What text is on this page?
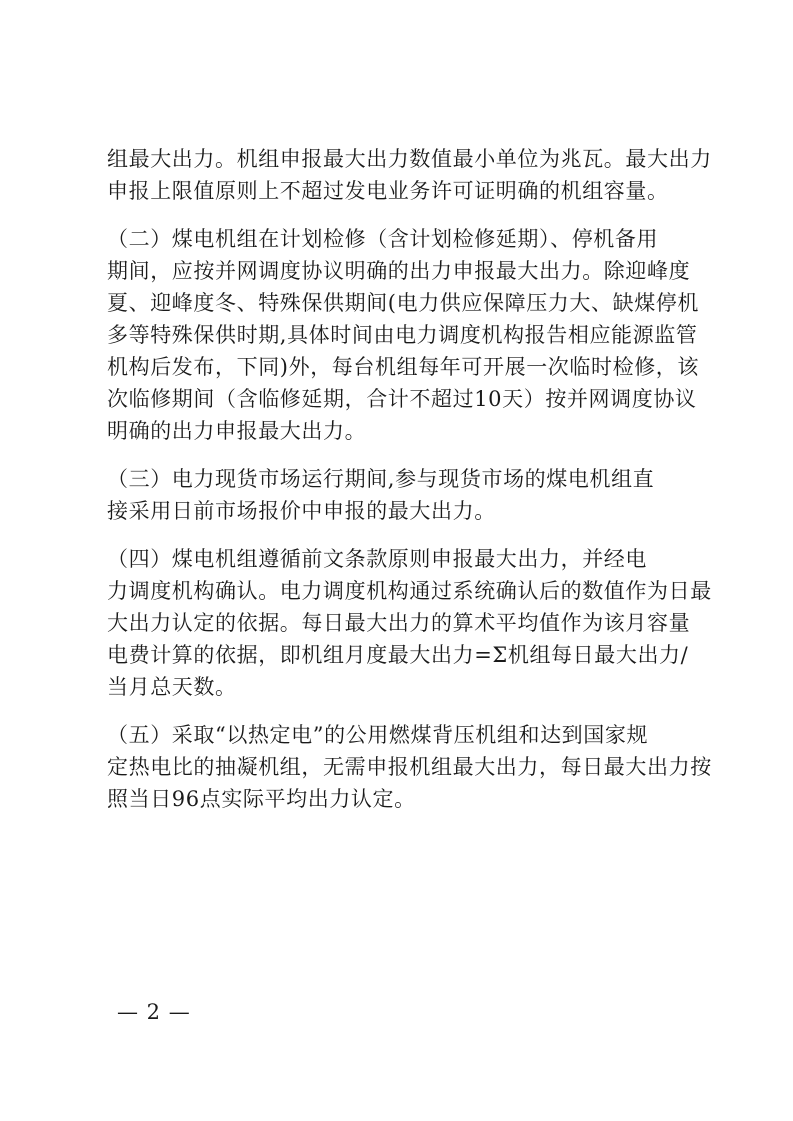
组最大出力。机组申报最大出力数值最小单位为兆瓦。最大出力
申报上限值原则上不超过发电业务许可证明确的机组容量。
（二）煤电机组在计划检修（含计划检修延期）、停机备用
期间，应按并网调度协议明确的出力申报最大出力。除迎峰度
夏、迎峰度冬、特殊保供期间(电力供应保障压力大、缺煤停机
多等特殊保供时期,具体时间由电力调度机构报告相应能源监管
机构后发布，下同)外，每台机组每年可开展一次临时检修，该
次临修期间（含临修延期，合计不超过10天）按并网调度协议
明确的出力申报最大出力。
（三）电力现货市场运行期间,参与现货市场的煤电机组直
接采用日前市场报价中申报的最大出力。
（四）煤电机组遵循前文条款原则申报最大出力，并经电
力调度机构确认。电力调度机构通过系统确认后的数值作为日最
大出力认定的依据。每日最大出力的算术平均值作为该月容量
电费计算的依据，即机组月度最大出力=Σ机组每日最大出力/
当月总天数。
（五）采取“以热定电”的公用燃煤背压机组和达到国家规
定热电比的抽凝机组，无需申报机组最大出力，每日最大出力按
照当日96点实际平均出力认定。
— 2 —
